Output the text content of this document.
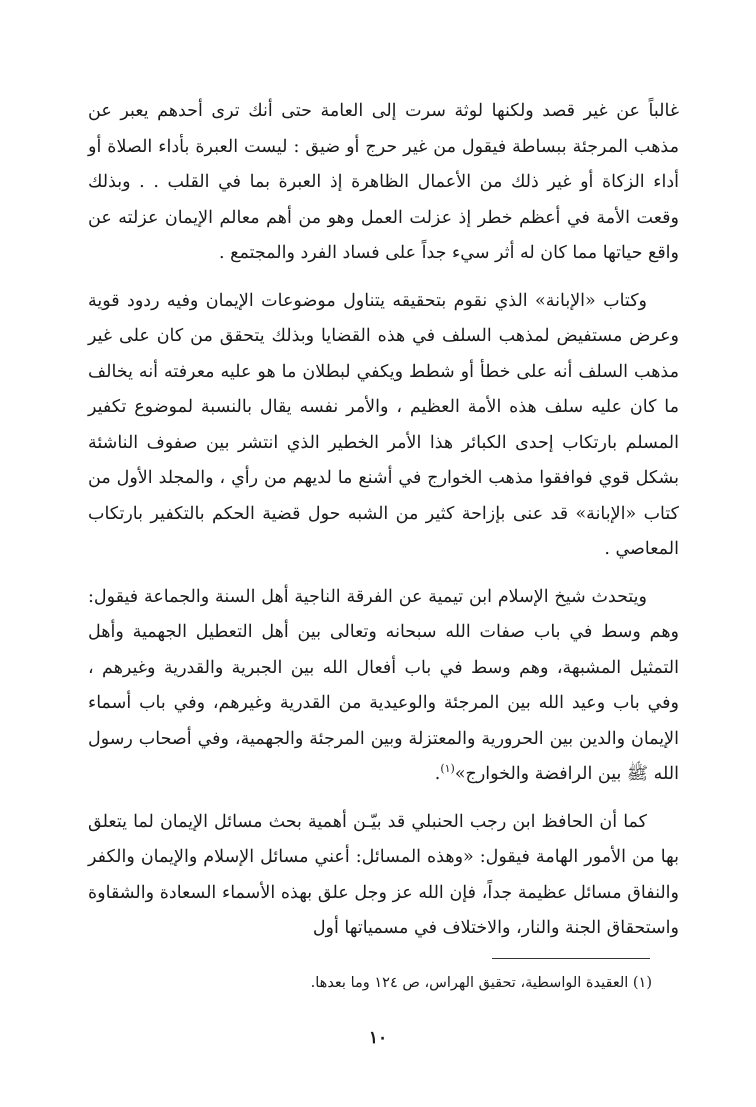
غالباً عن غير قصد ولكنها لوثة سرت إلى العامة حتى أنك ترى أحدهم يعبر عن مذهب المرجئة ببساطة فيقول من غير حرج أو ضيق : ليست العبرة بأداء الصلاة أو أداء الزكاة أو غير ذلك من الأعمال الظاهرة إذ العبرة بما في القلب . . وبذلك وقعت الأمة في أعظم خطر إذ عزلت العمل وهو من أهم معالم الإيمان عزلته عن واقع حياتها مما كان له أثر سيء جداً على فساد الفرد والمجتمع .

وكتاب «الإبانة» الذي نقوم بتحقيقه يتناول موضوعات الإيمان وفيه ردود قوية وعرض مستفيض لمذهب السلف في هذه القضايا وبذلك يتحقق من كان على غير مذهب السلف أنه على خطأ أو شطط ويكفي لبطلان ما هو عليه معرفته أنه يخالف ما كان عليه سلف هذه الأمة العظيم ، والأمر نفسه يقال بالنسبة لموضوع تكفير المسلم بارتكاب إحدى الكبائر هذا الأمر الخطير الذي انتشر بين صفوف الناشئة بشكل قوي فوافقوا مذهب الخوارج في أشنع ما لديهم من رأي ، والمجلد الأول من كتاب «الإبانة» قد عنى بإزاحة كثير من الشبه حول قضية الحكم بالتكفير بارتكاب المعاصي .

ويتحدث شيخ الإسلام ابن تيمية عن الفرقة الناجية أهل السنة والجماعة فيقول: وهم وسط في باب صفات الله سبحانه وتعالى بين أهل التعطيل الجهمية وأهل التمثيل المشبهة، وهم وسط في باب أفعال الله بين الجبرية والقدرية وغيرهم ، وفي باب وعيد الله بين المرجئة والوعيدية من القدرية وغيرهم، وفي باب أسماء الإيمان والدين بين الحرورية والمعتزلة وبين المرجئة والجهمية، وفي أصحاب رسول الله ﷺ بين الرافضة والخوارج»$^{(١)}$.

كما أن الحافظ ابن رجب الحنبلي قد بيّـن أهمية بحث مسائل الإيمان لما يتعلق بها من الأمور الهامة فيقول: «وهذه المسائل: أعني مسائل الإسلام والإيمان والكفر والنفاق مسائل عظيمة جداً، فإن الله عز وجل علق بهذه الأسماء السعادة والشقاوة واستحقاق الجنة والنار، والاختلاف في مسمياتها أول

(١) العقيدة الواسطية، تحقيق الهراس، ص ١٢٤ وما بعدها.
١٠
